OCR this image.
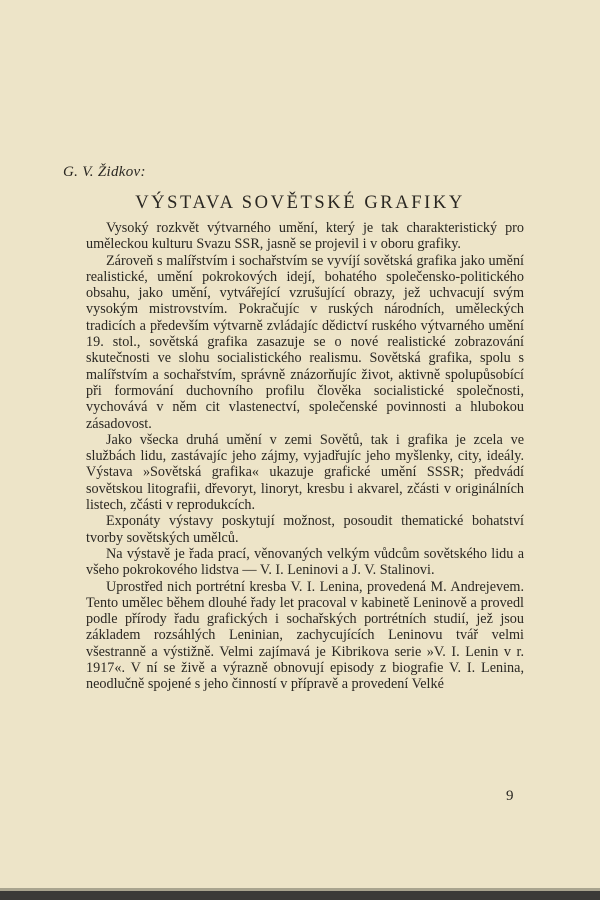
G. V. Židkov:
VÝSTAVA SOVĚTSKÉ GRAFIKY

Vysoký rozkvět výtvarného umění, který je tak charakteristický pro uměleckou kulturu Svazu SSR, jasně se projevil i v oboru grafiky.

Zároveň s malířstvím i sochařstvím se vyvíjí sovětská grafika jako umění realistické, umění pokrokových idejí, bohatého společensko-politického obsahu, jako umění, vytvářející vzrušující obrazy, jež uchvacují svým vysokým mistrovstvím. Pokračujíc v ruských národních, uměleckých tradicích a především výtvarně zvládajíc dědictví ruského výtvarného umění 19. stol., sovětská grafika zasazuje se o nové realistické zobrazování skutečnosti ve slohu socialistického realismu. Sovětská grafika, spolu s malířstvím a sochařstvím, správně znázorňujíc život, aktivně spolupůsobící při formování duchovního profilu člověka socialistické společnosti, vychovává v něm cit vlastenectví, společenské povinnosti a hlubokou zásadovost.

Jako všecka druhá umění v zemi Sovětů, tak i grafika je zcela ve službách lidu, zastávajíc jeho zájmy, vyjadřujíc jeho myšlenky, city, ideály. Výstava »Sovětská grafika« ukazuje grafické umění SSSR; předvádí sovětskou litografii, dřevoryt, linoryt, kresbu i akvarel, zčásti v originálních listech, zčásti v reprodukcích.

Exponáty výstavy poskytují možnost, posoudit thematické bohatství tvorby sovětských umělců.

Na výstavě je řada prací, věnovaných velkým vůdcům sovětského lidu a všeho pokrokového lidstva — V. I. Leninovi a J. V. Stalinovi.

Uprostřed nich portrétní kresba V. I. Lenina, provedená M. Andrejevem. Tento umělec během dlouhé řady let pracoval v kabinetě Leninově a provedl podle přírody řadu grafických i sochařských portrétních studií, jež jsou základem rozsáhlých Leninian, zachycujících Leninovu tvář velmi všestranně a výstižně. Velmi zajímavá je Kibrikova serie »V. I. Lenin v r. 1917«. V ní se živě a výrazně obnovují episody z biografie V. I. Lenina, neodlučně spojené s jeho činností v přípravě a provedení Velké

9
